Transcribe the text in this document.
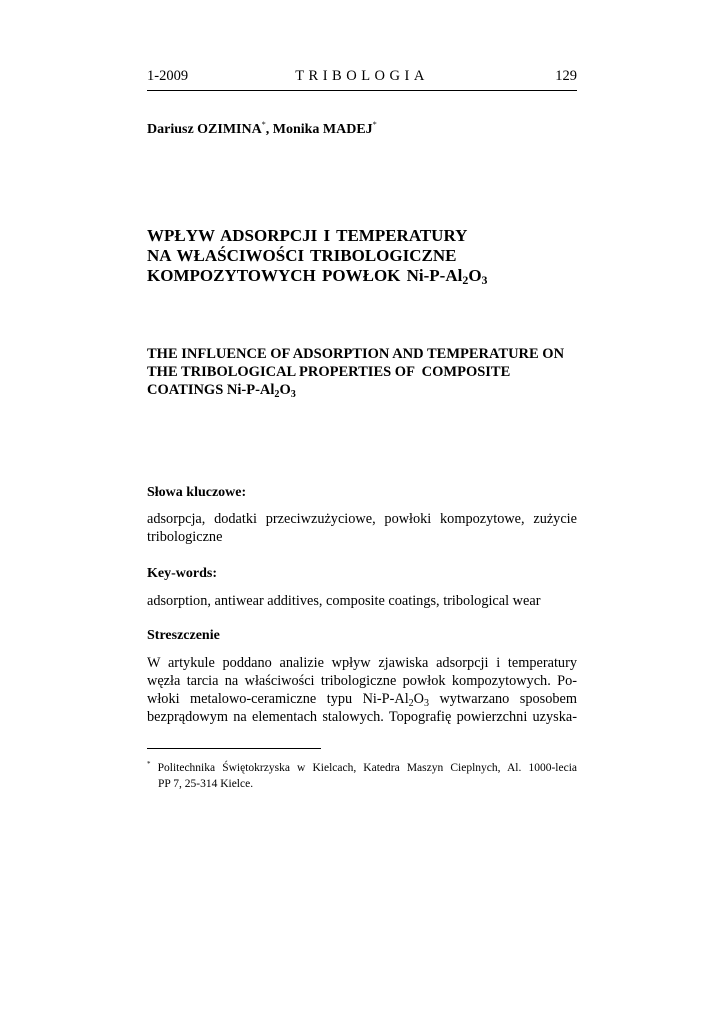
1-2009	TRIBOLOGIA	129
Dariusz OZIMINA*, Monika MADEJ*
WPŁYW ADSORPCJI I TEMPERATURY
NA WŁAŚCIWOŚCI TRIBOLOGICZNE
KOMPOZYTOWYCH POWŁOK $Ni-P-Al_2O_3$
THE INFLUENCE OF ADSORPTION AND TEMPERATURE ON
THE TRIBOLOGICAL PROPERTIES OF  COMPOSITE
COATINGS $Ni-P-Al_2O_3$
Słowa kluczowe:
adsorpcja, dodatki przeciwzużyciowe, powłoki kompozytowe, zużycie
tribologiczne
Key-words:
adsorption, antiwear additives, composite coatings, tribological wear
Streszczenie
W artykule poddano analizie wpływ zjawiska adsorpcji i temperatury
węzła tarcia na właściwości tribologiczne powłok kompozytowych. Po-
włoki metalowo-ceramiczne typu $Ni-P-Al_2O_3$ wytwarzano sposobem
bezprądowym na elementach stalowych. Topografię powierzchni uzyska-
* Politechnika Świętokrzyska w Kielcach, Katedra Maszyn Cieplnych, Al. 1000-lecia
PP 7, 25-314 Kielce.
